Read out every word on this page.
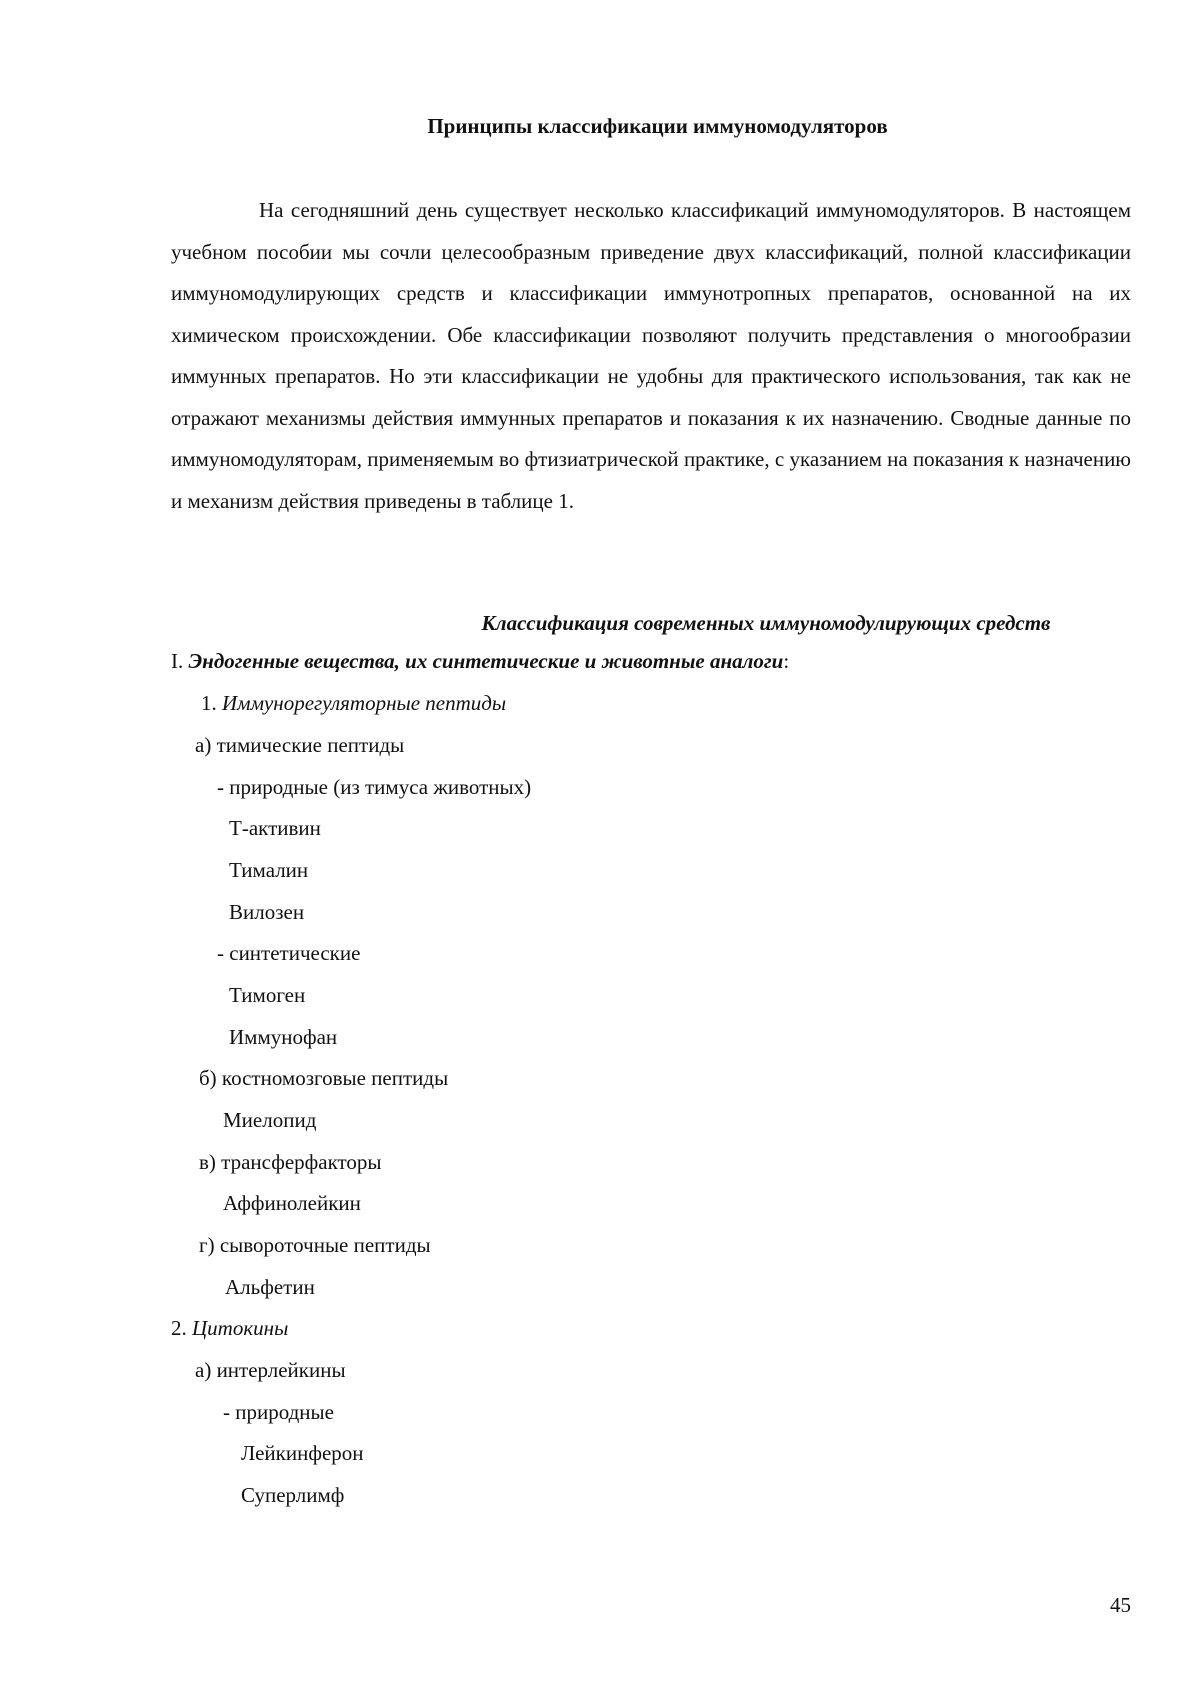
Принципы классификации иммуномодуляторов
На сегодняшний день существует несколько классификаций иммуномодуляторов. В настоящем учебном пособии мы сочли целесообразным приведение двух классификаций, полной классификации иммуномодулирующих средств и классификации иммунотропных препаратов, основанной на их химическом происхождении. Обе классификации позволяют получить представления о многообразии иммунных препаратов. Но эти классификации не удобны для практического использования, так как не отражают механизмы действия иммунных препаратов и показания к их назначению. Сводные данные по иммуномодуляторам, применяемым во фтизиатрической практике, с указанием на показания к назначению и механизм действия приведены в таблице 1.
Классификация современных иммуномодулирующих средств
I. Эндогенные вещества, их синтетические и животные аналоги:
1. Иммунорегуляторные пептиды
а) тимические пептиды
- природные (из тимуса животных)
Т-активин
Тималин
Вилозен
- синтетические
Тимоген
Иммунофан
б) костномозговые пептиды
Миелопид
в) трансферфакторы
Аффинолейкин
г) сывороточные пептиды
Альфетин
2. Цитокины
а) интерлейкины
- природные
Лейкинферон
Суперлимф
45
